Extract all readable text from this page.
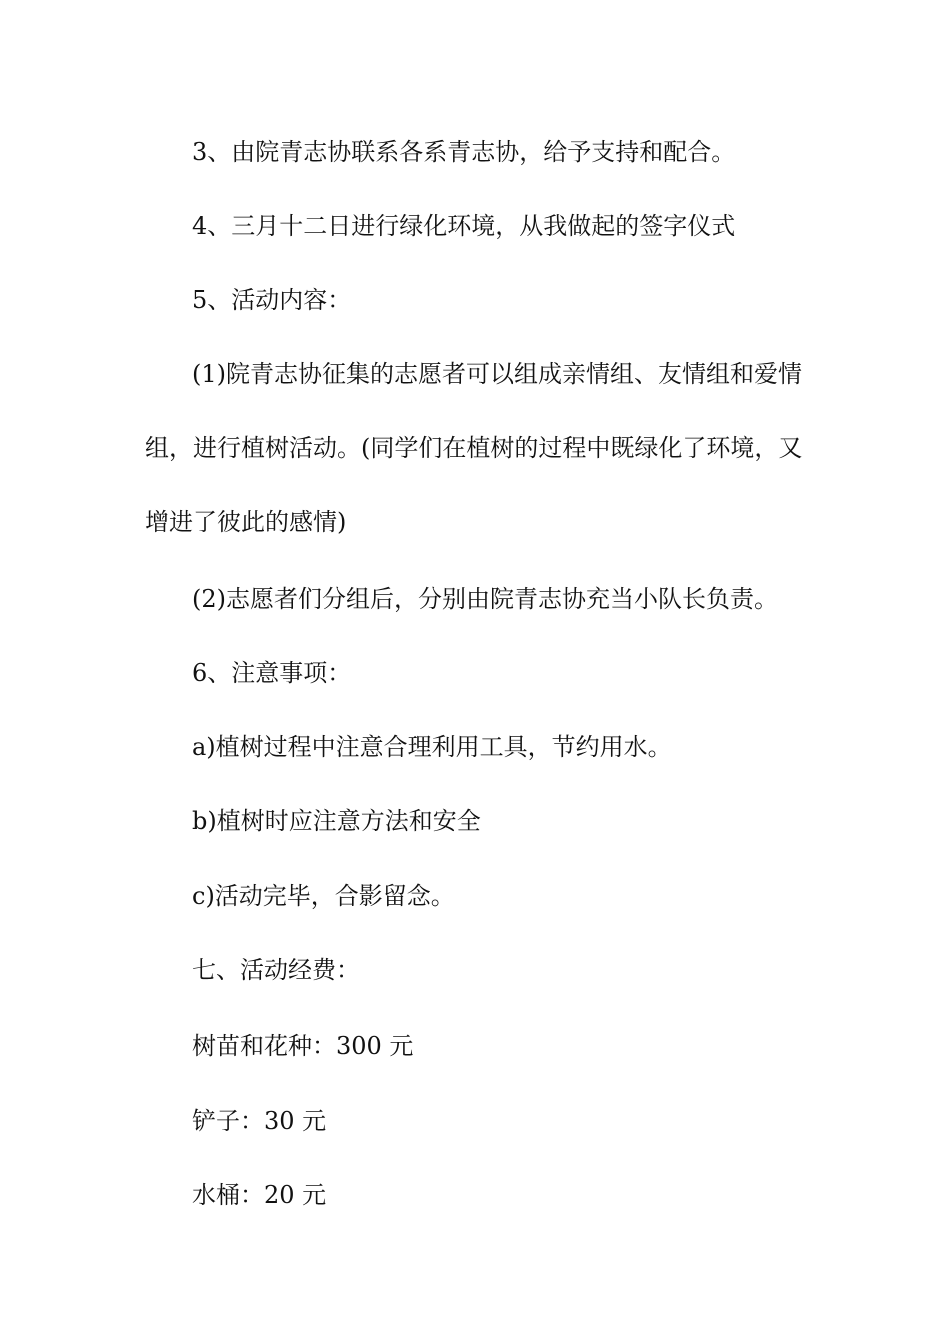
3、由院青志协联系各系青志协，给予支持和配合。
4、三月十二日进行绿化环境，从我做起的签字仪式
5、活动内容：
(1)院青志协征集的志愿者可以组成亲情组、友情组和爱情
组，进行植树活动。(同学们在植树的过程中既绿化了环境，又
增进了彼此的感情)
(2)志愿者们分组后，分别由院青志协充当小队长负责。
6、注意事项：
a)植树过程中注意合理利用工具，节约用水。
b)植树时应注意方法和安全
c)活动完毕，合影留念。
七、活动经费：
树苗和花种：300 元
铲子：30 元
水桶：20 元
